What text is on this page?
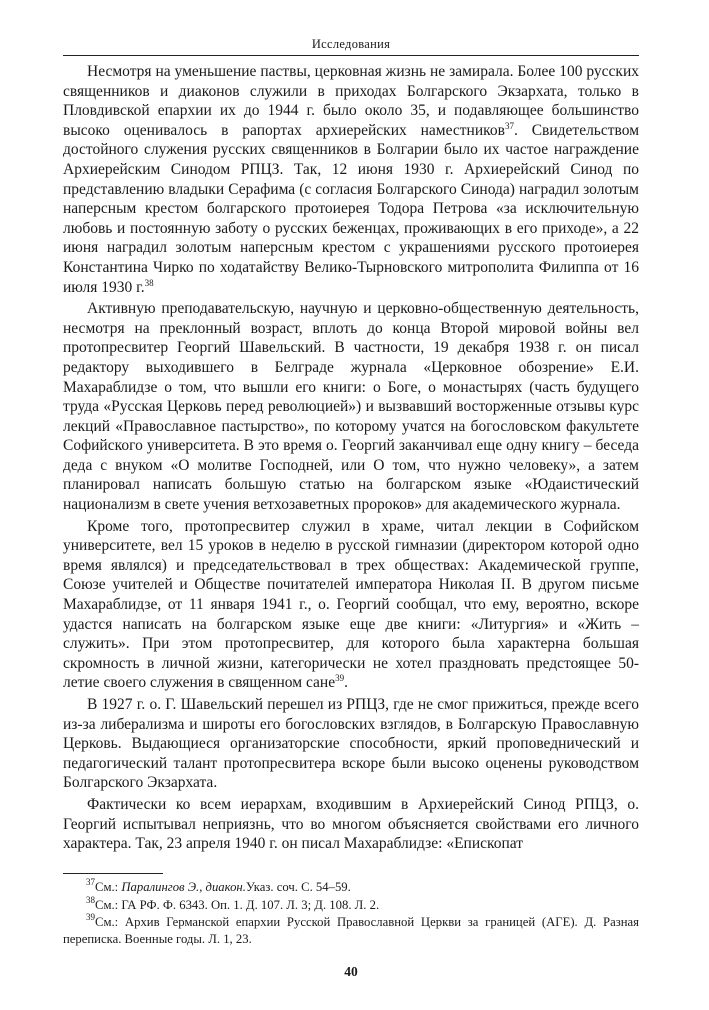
Исследования

Несмотря на уменьшение паствы, церковная жизнь не замирала. Более 100 русских священников и диаконов служили в приходах Болгарского Экзархата, только в Пловдивской епархии их до 1944 г. было около 35, и подавляющее большинство высоко оценивалось в рапортах архиерейских наместников$^{37}$. Свидетельством достойного служения русских священников в Болгарии было их частое награждение Архиерейским Синодом РПЦЗ. Так, 12 июня 1930 г. Архиерейский Синод по представлению владыки Серафима (с согласия Болгарского Синода) наградил золотым наперсным крестом болгарского протоиерея Тодора Петрова «за исключительную любовь и постоянную заботу о русских беженцах, проживающих в его приходе», а 22 июня наградил золотым наперсным крестом с украшениями русского протоиерея Константина Чирко по ходатайству Велико-Тырновского митрополита Филиппа от 16 июля 1930 г.$^{38}$

Активную преподавательскую, научную и церковно-общественную деятельность, несмотря на преклонный возраст, вплоть до конца Второй мировой войны вел протопресвитер Георгий Шавельский. В частности, 19 декабря 1938 г. он писал редактору выходившего в Белграде журнала «Церковное обозрение» Е.И. Махараблидзе о том, что вышли его книги: о Боге, о монастырях (часть будущего труда «Русская Церковь перед революцией») и вызвавший восторженные отзывы курс лекций «Православное пастырство», по которому учатся на богословском факультете Софийского университета. В это время о. Георгий заканчивал еще одну книгу – беседа деда с внуком «О молитве Господней, или О том, что нужно человеку», а затем планировал написать большую статью на болгарском языке «Юдаистический национализм в свете учения ветхозаветных пророков» для академического журнала.

Кроме того, протопресвитер служил в храме, читал лекции в Софийском университете, вел 15 уроков в неделю в русской гимназии (директором которой одно время являлся) и председательствовал в трех обществах: Академической группе, Союзе учителей и Обществе почитателей императора Николая II. В другом письме Махараблидзе, от 11 января 1941 г., о. Георгий сообщал, что ему, вероятно, вскоре удастся написать на болгарском языке еще две книги: «Литургия» и «Жить – служить». При этом протопресвитер, для которого была характерна большая скромность в личной жизни, категорически не хотел праздновать предстоящее 50-летие своего служения в священном сане$^{39}$.

В 1927 г. о. Г. Шавельский перешел из РПЦЗ, где не смог прижиться, прежде всего из-за либерализма и широты его богословских взглядов, в Болгарскую Православную Церковь. Выдающиеся организаторские способности, яркий проповеднический и педагогический талант протопресвитера вскоре были высоко оценены руководством Болгарского Экзархата.

Фактически ко всем иерархам, входившим в Архиерейский Синод РПЦЗ, о. Георгий испытывал неприязнь, что во многом объясняется свойствами его личного характера. Так, 23 апреля 1940 г. он писал Махараблидзе: «Епископат

$^{37}$См.: Паралингов Э., диакон.Указ. соч. С. 54–59.

$^{38}$См.: ГА РФ. Ф. 6343. Оп. 1. Д. 107. Л. 3; Д. 108. Л. 2.

$^{39}$См.: Архив Германской епархии Русской Православной Церкви за границей (АГЕ). Д. Разная переписка. Военные годы. Л. 1, 23.

40
